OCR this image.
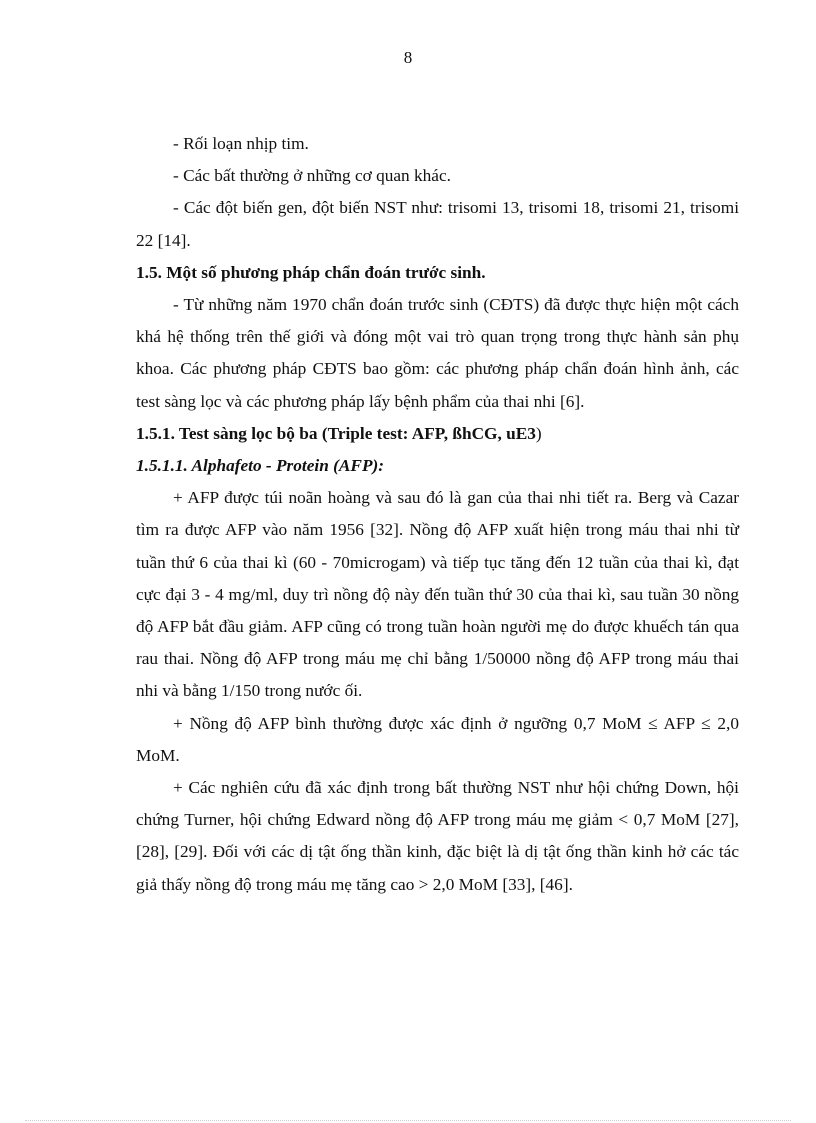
8

- Rối loạn nhịp tim.

- Các bất thường ở những cơ quan khác.

- Các đột biến gen, đột biến NST như: trisomi 13, trisomi 18, trisomi 21, trisomi 22 [14].

1.5. Một số phương pháp chẩn đoán trước sinh.

- Từ những năm 1970 chẩn đoán trước sinh (CĐTS) đã được thực hiện một cách khá hệ thống trên thế giới và đóng một vai trò quan trọng trong thực hành sản phụ khoa. Các phương pháp CĐTS bao gồm: các phương pháp chẩn đoán hình ảnh, các test sàng lọc và các phương pháp lấy bệnh phẩm của thai nhi [6].

1.5.1. Test sàng lọc bộ ba (Triple test: AFP, ßhCG, uE3)

1.5.1.1. Alphafeto - Protein (AFP):

+ AFP được túi noãn hoàng và sau đó là gan của thai nhi tiết ra. Berg và Cazar tìm ra được AFP vào năm 1956 [32]. Nồng độ AFP xuất hiện trong máu thai nhi từ tuần thứ 6 của thai kì (60 - 70microgam) và tiếp tục tăng đến 12 tuần của thai kì, đạt cực đại 3 - 4 mg/ml, duy trì nồng độ này đến tuần thứ 30 của thai kì, sau tuần 30 nồng độ AFP bắt đầu giảm. AFP cũng có trong tuần hoàn người mẹ do được khuếch tán qua rau thai. Nồng độ AFP trong máu mẹ chỉ bằng 1/50000 nồng độ AFP trong máu thai nhi và bằng 1/150 trong nước ối.

+ Nồng độ AFP bình thường được xác định ở ngưỡng 0,7 MoM ≤ AFP ≤ 2,0 MoM.

+ Các nghiên cứu đã xác định trong bất thường NST như hội chứng Down, hội chứng Turner, hội chứng Edward nồng độ AFP trong máu mẹ giảm < 0,7 MoM [27], [28], [29]. Đối với các dị tật ống thần kinh, đặc biệt là dị tật ống thần kinh hở các tác giả thấy nồng độ trong máu mẹ tăng cao > 2,0 MoM [33], [46].
